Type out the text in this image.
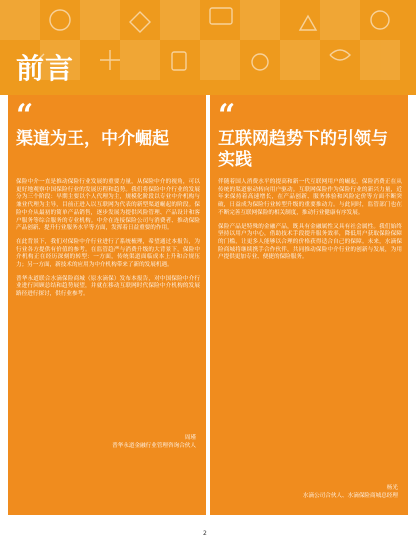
前言
“
渠道为王，中介崛起

保险中介一直是推动保险行业发展的重要力量，从保险中介的视角，可以更好地观察中国保险行业的发展历程和趋势。我们将保险中介行业的发展分为三个阶段：早期主要以个人代理为主，规模化阶段以专业中介机构与兼业代理为主导，目前正进入以互联网为代表的新型渠道崛起的阶段。保险中介从最初的简单产品销售，逐步发展为提供风险管理、产品设计和客户服务等综合服务的专业机构。中介在连接保险公司与消费者、推动保险产品创新、提升行业服务水平等方面，发挥着日益重要的作用。

在此背景下，我们对保险中介行业进行了系统梳理，希望通过本报告，为行业各方提供有价值的参考。在监管趋严与消费升级的大背景下，保险中介机构正在经历深刻的转型：一方面，传统渠道面临成本上升和合规压力；另一方面，新技术的应用为中介机构带来了新的发展机遇。

普华永道联合水滴保险商城（原水滴保）发布本报告，对中国保险中介行业进行回顾总结和趋势展望，并就在移动互联网时代保险中介机构的发展路径进行探讨，供行业参考。

周瑾
普华永道金融行业管理咨询合伙人
“
互联网趋势下的引领与实践

伴随着国人消费水平的提高和新一代互联网用户的崛起，保险消费正在从传统的渠道驱动转向用户驱动。互联网保险作为保险行业的新兴力量，近年来保持着高速增长，在产品创新、服务体验和风险定价等方面不断突破，日益成为保险行业转型升级的重要推动力。与此同时，监管部门也在不断完善互联网保险的相关制度，推动行业健康有序发展。

保险产品是特殊的金融产品，既具有金融属性又具有社会属性。我们始终坚持以用户为中心，借助技术手段提升服务效率，降低用户获取保险保障的门槛，让更多人能够以合理的价格获得适合自己的保障。未来，水滴保险商城将继续携手合作伙伴，共同推动保险中介行业的创新与发展，为用户提供更加专业、便捷的保险服务。

杨光
水滴公司合伙人、水滴保险商城总经理
2
